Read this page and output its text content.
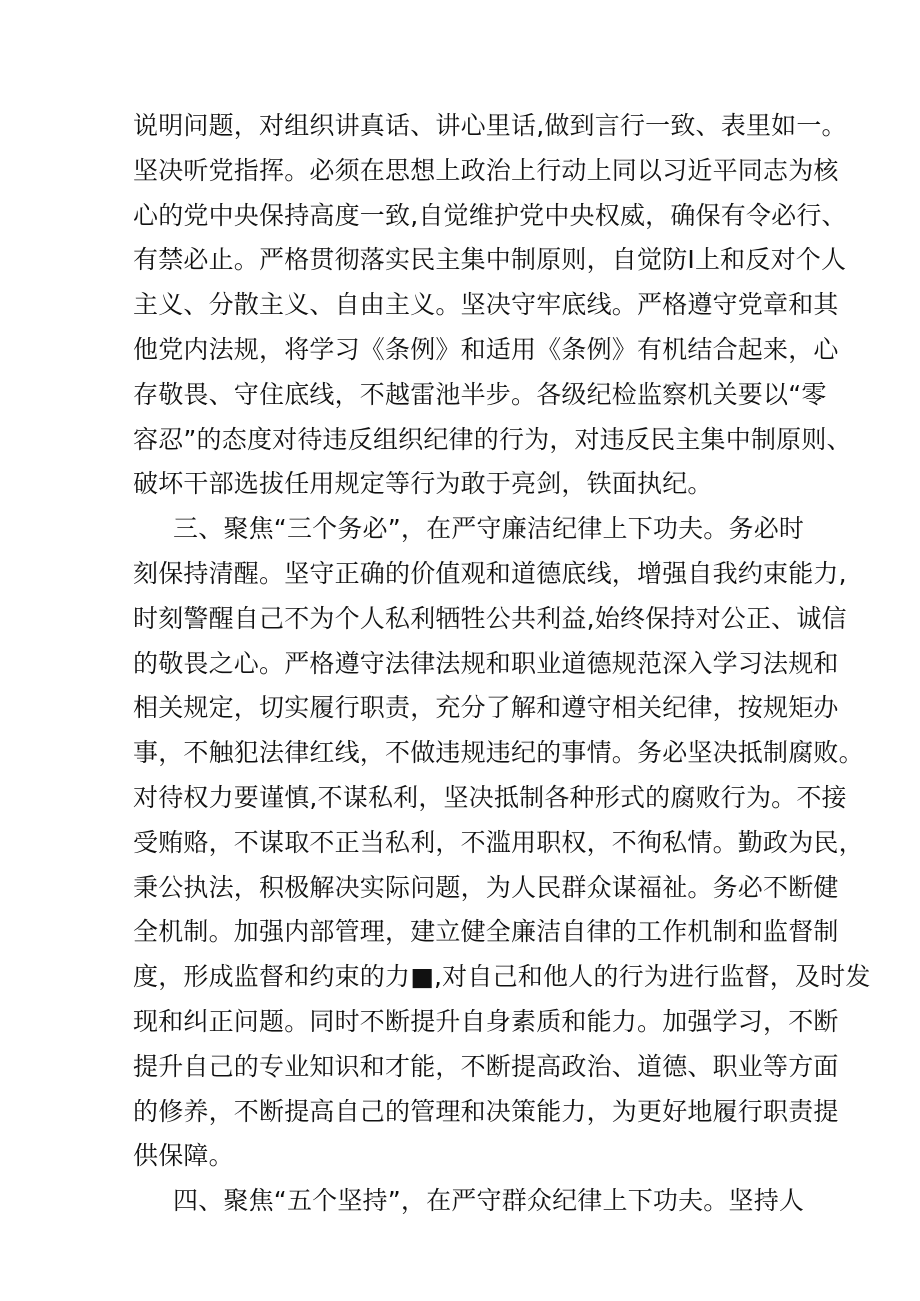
说明问题，对组织讲真话、讲心里话,做到言行一致、表里如一。
坚决听党指挥。必须在思想上政治上行动上同以习近平同志为核
心的党中央保持高度一致,自觉维护党中央权威，确保有令必行、
有禁必止。严格贯彻落实民主集中制原则，自觉防I上和反对个人
主义、分散主义、自由主义。坚决守牢底线。严格遵守党章和其
他党内法规，将学习《条例》和适用《条例》有机结合起来，心
存敬畏、守住底线，不越雷池半步。各级纪检监察机关要以“零
容忍”的态度对待违反组织纪律的行为，对违反民主集中制原则、
破坏干部选拔任用规定等行为敢于亮剑，铁面执纪。
三、聚焦“三个务必”，在严守廉洁纪律上下功夫。务必时
刻保持清醒。坚守正确的价值观和道德底线，增强自我约束能力,
时刻警醒自己不为个人私利牺牲公共利益,始终保持对公正、诚信
的敬畏之心。严格遵守法律法规和职业道德规范深入学习法规和
相关规定，切实履行职责，充分了解和遵守相关纪律，按规矩办
事，不触犯法律红线，不做违规违纪的事情。务必坚决抵制腐败。
对待权力要谨慎,不谋私利，坚决抵制各种形式的腐败行为。不接
受贿赂，不谋取不正当私利，不滥用职权，不徇私情。勤政为民，
秉公执法，积极解决实际问题，为人民群众谋福祉。务必不断健
全机制。加强内部管理，建立健全廉洁自律的工作机制和监督制
度，形成监督和约束的力■,对自己和他人的行为进行监督，及时发
现和纠正问题。同时不断提升自身素质和能力。加强学习，不断
提升自己的专业知识和才能，不断提高政治、道德、职业等方面
的修养，不断提高自己的管理和决策能力，为更好地履行职责提
供保障。
四、聚焦“五个坚持”，在严守群众纪律上下功夫。坚持人
